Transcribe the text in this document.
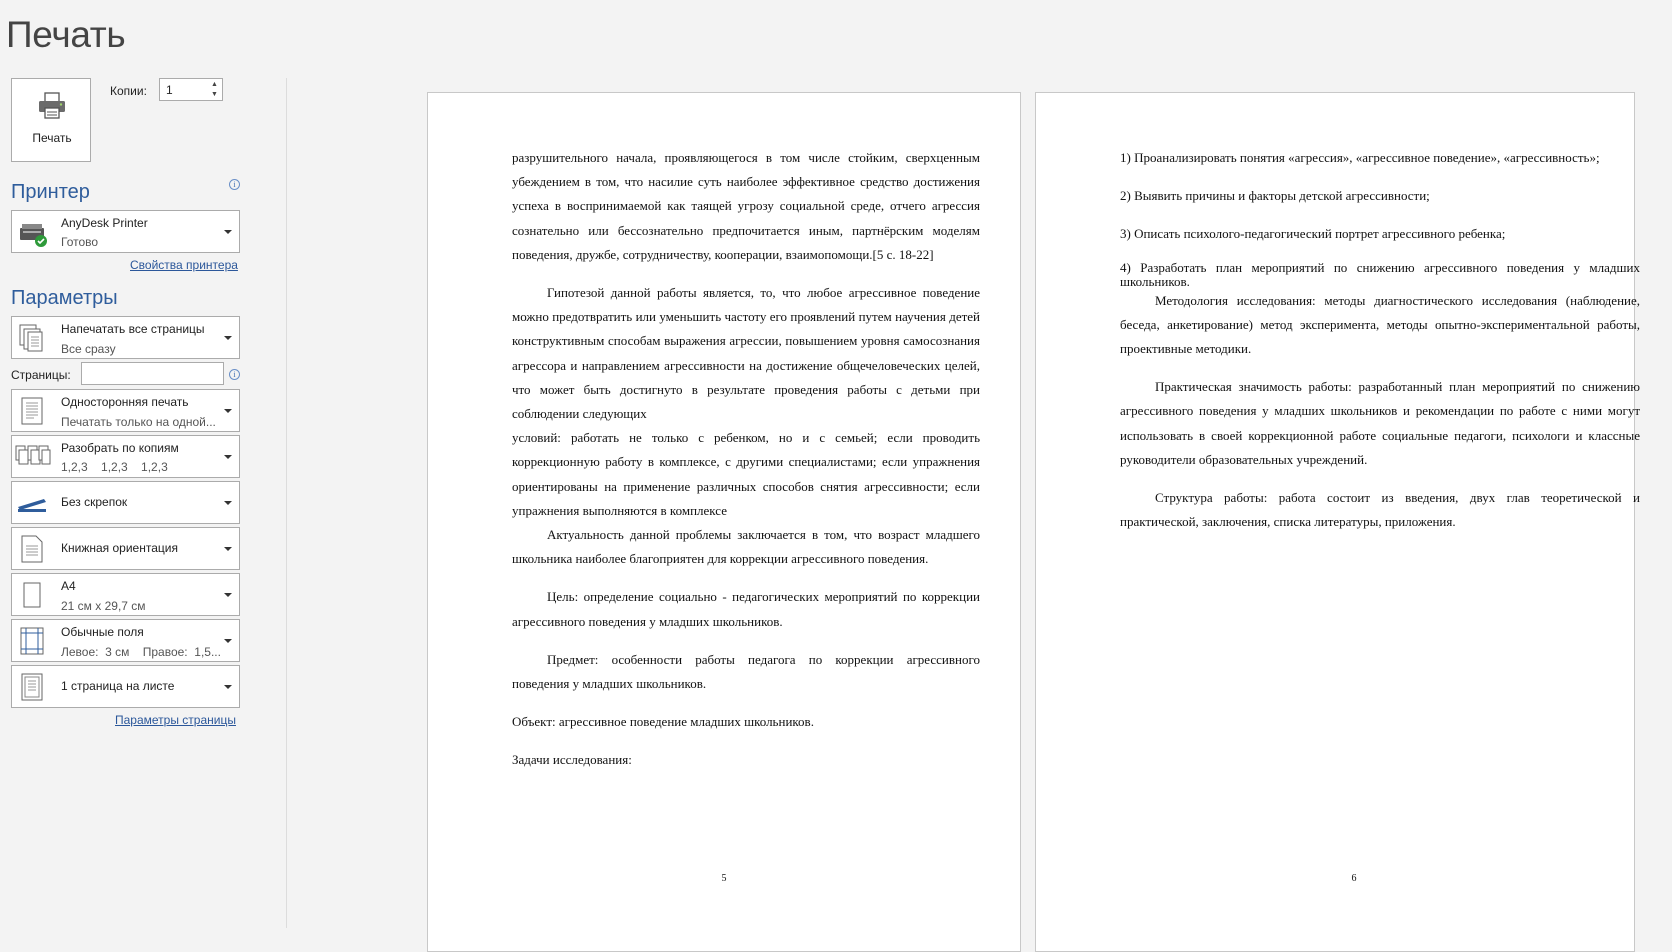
Печать
Печать
Копии: 1	▲
▼
Принтер	i
AnyDesk Printer
Готово
Свойства принтера
Параметры
Напечатать все страницы
Все сразу
Страницы:	i
Односторонняя печать
Печатать только на одной...
Разобрать по копиям
1,2,3    1,2,3    1,2,3
Без скрепок
Книжная ориентация
A4
21 см x 29,7 см
Обычные поля
Левое:  3 см    Правое:  1,5...
1 страница на листе
Параметры страницы

разрушительного начала, проявляющегося в том числе стойким, сверхценным убеждением в том, что насилие суть наиболее эффективное средство достижения успеха в воспринимаемой как таящей угрозу социальной среде, отчего агрессия сознательно или бессознательно предпочитается иным, партнёрским моделям поведения, дружбе, сотрудничеству, кооперации, взаимопомощи.[5 с. 18-22]

Гипотезой данной работы является, то, что любое агрессивное поведение можно предотвратить или уменьшить частоту его проявлений путем научения детей конструктивным способам выражения агрессии, повышением уровня самосознания агрессора и направлением агрессивности на достижение общечеловеческих целей, что может быть достигнуто в результате проведения работы с детьми при соблюдении следующих

условий: работать не только с ребенком, но и с семьей; если проводить коррекционную работу в комплексе, с другими специалистами; если упражнения ориентированы на применение различных способов снятия агрессивности; если упражнения выполняются в комплексе

Актуальность данной проблемы заключается в том, что возраст младшего школьника наиболее благоприятен для коррекции агрессивного поведения.

Цель: определение социально - педагогических мероприятий по коррекции агрессивного поведения у младших школьников.

Предмет: особенности работы педагога по коррекции агрессивного поведения у младших школьников.

Объект: агрессивное поведение младших школьников.

Задачи исследования:

5

1) Проанализировать понятия «агрессия», «агрессивное поведение», «агрессивность»;

2) Выявить причины и факторы детской агрессивности;

3) Описать психолого-педагогический портрет агрессивного ребенка;

4) Разработать план мероприятий по снижению агрессивного поведения у младших школьников.

Методология исследования: методы диагностического исследования (наблюдение, беседа, анкетирование) метод эксперимента, методы опытно-экспериментальной работы, проективные методики.

Практическая значимость работы: разработанный план мероприятий по снижению агрессивного поведения у младших школьников и рекомендации по работе с ними могут использовать в своей коррекционной работе социальные педагоги, психологи и классные руководители образовательных учреждений.

Структура работы: работа состоит из введения, двух глав теоретической и практической, заключения, списка литературы, приложения.

6
